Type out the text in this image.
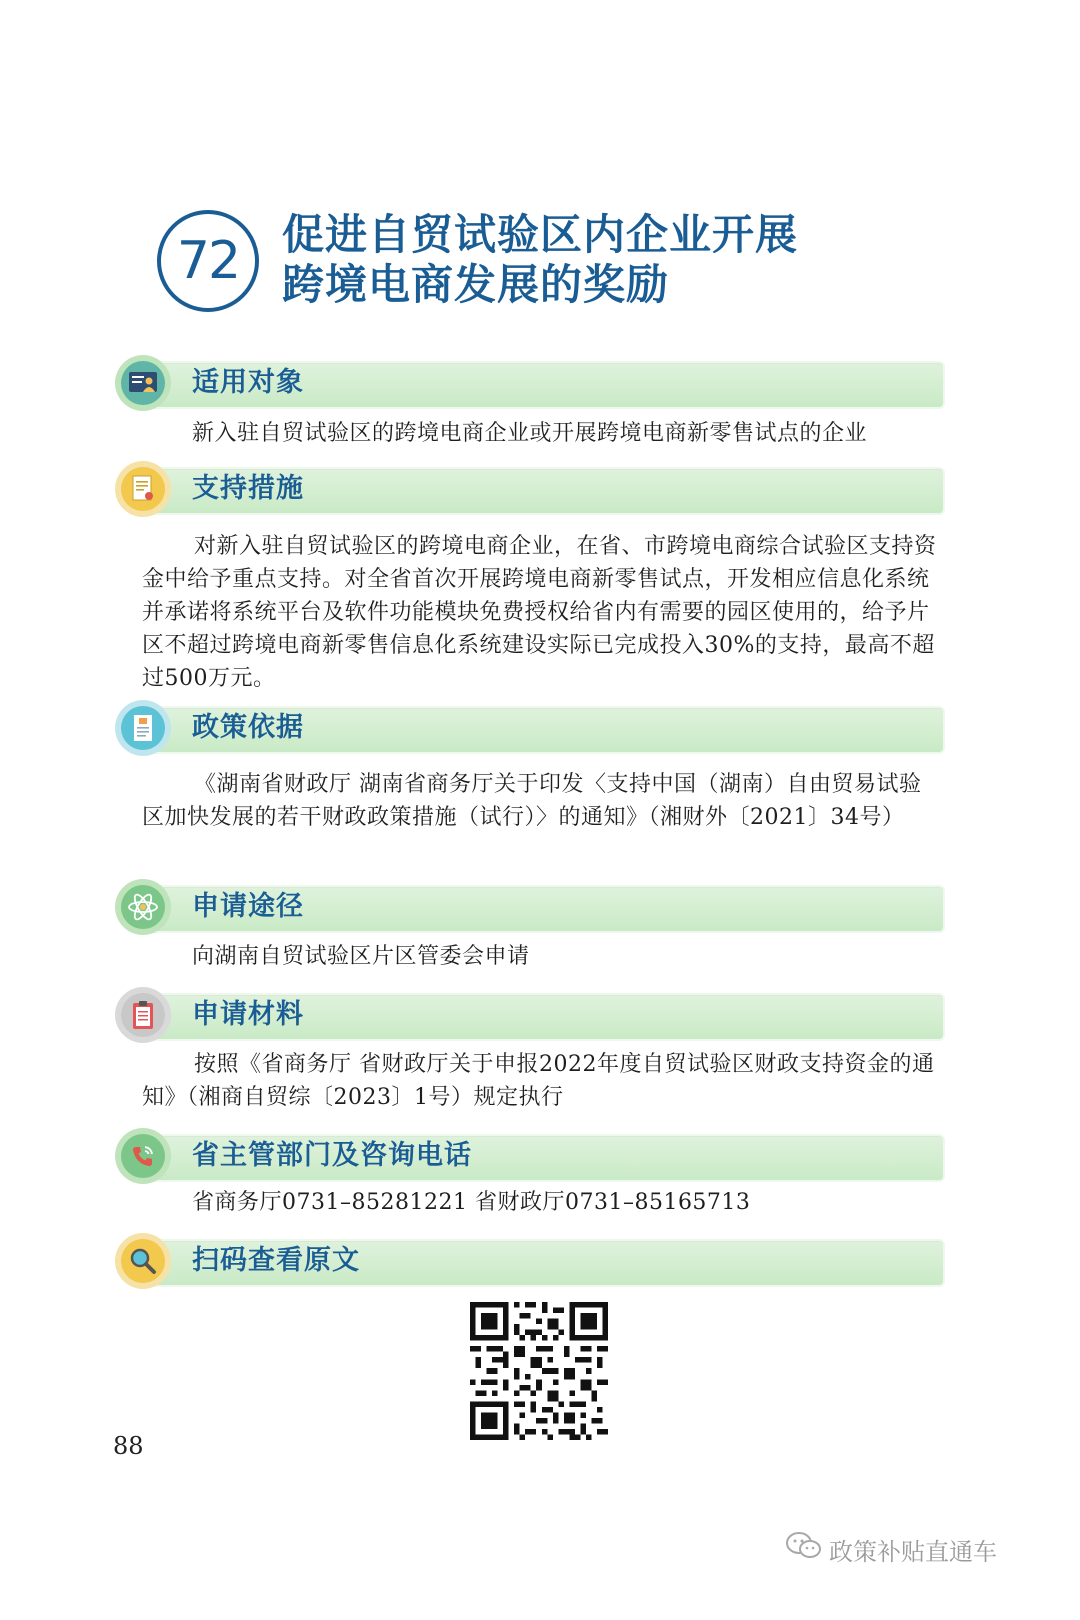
72	促进自贸试验区内企业开展
跨境电商发展的奖励
适用对象
新入驻自贸试验区的跨境电商企业或开展跨境电商新零售试点的企业
支持措施
对新入驻自贸试验区的跨境电商企业，在省、市跨境电商综合试验区支持资金中给予重点支持。对全省首次开展跨境电商新零售试点，开发相应信息化系统并承诺将系统平台及软件功能模块免费授权给省内有需要的园区使用的，给予片区不超过跨境电商新零售信息化系统建设实际已完成投入30%的支持，最高不超过500万元。
政策依据
《湖南省财政厅 湖南省商务厅关于印发〈支持中国（湖南）自由贸易试验区加快发展的若干财政政策措施（试行）〉的通知》（湘财外〔2021〕34号）
申请途径
向湖南自贸试验区片区管委会申请
申请材料
按照《省商务厅 省财政厅关于申报2022年度自贸试验区财政支持资金的通知》（湘商自贸综〔2023〕1号）规定执行
省主管部门及咨询电话
省商务厅0731–85281221 省财政厅0731–85165713
扫码查看原文
88
政策补贴直通车
